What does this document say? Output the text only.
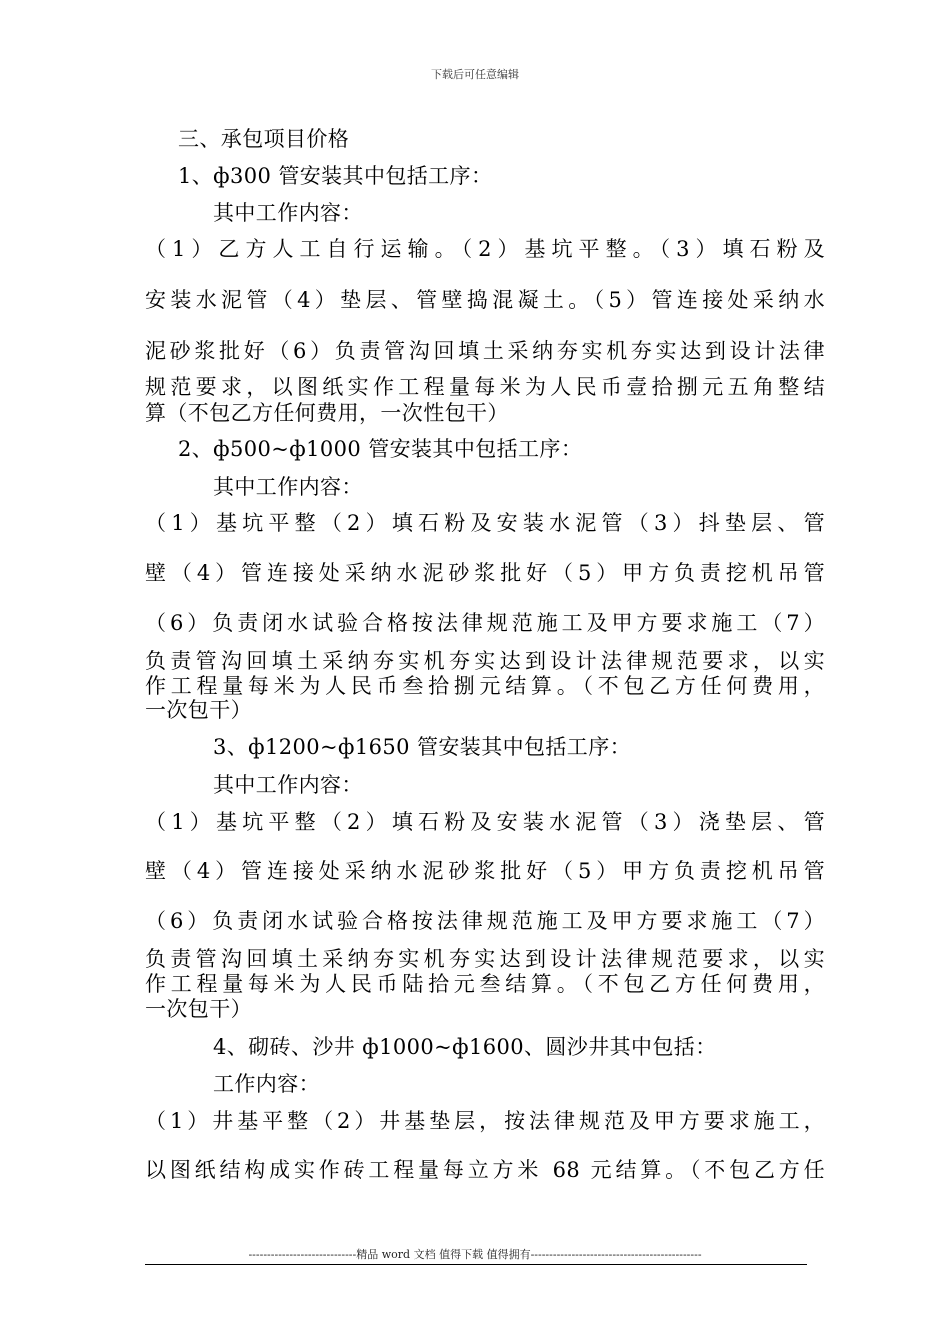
下载后可任意编辑
三、承包项目价格
1、ф300 管安装其中包括工序：
其中工作内容：
（1）乙方人工自行运输。（2）基坑平整。（3）填石粉及
安装水泥管（4）垫层、管壁捣混凝土。（5）管连接处采纳水
泥砂浆批好（6）负责管沟回填土采纳夯实机夯实达到设计法律
规范要求，以图纸实作工程量每米为人民币壹拾捌元五角整结
算（不包乙方任何费用，一次性包干）
2、ф500~ф1000 管安装其中包括工序：
其中工作内容：
（1）基坑平整（2）填石粉及安装水泥管（3）抖垫层、管
壁（4）管连接处采纳水泥砂浆批好（5）甲方负责挖机吊管
（6）负责闭水试验合格按法律规范施工及甲方要求施工（7）
负责管沟回填土采纳夯实机夯实达到设计法律规范要求，以实
作工程量每米为人民币叁拾捌元结算。（不包乙方任何费用，
一次包干）
3、ф1200~ф1650 管安装其中包括工序：
其中工作内容：
（1）基坑平整（2）填石粉及安装水泥管（3）浇垫层、管
壁（4）管连接处采纳水泥砂浆批好（5）甲方负责挖机吊管
（6）负责闭水试验合格按法律规范施工及甲方要求施工（7）
负责管沟回填土采纳夯实机夯实达到设计法律规范要求，以实
作工程量每米为人民币陆拾元叁结算。（不包乙方任何费用，
一次包干）
4、砌砖、沙井 ф1000~ф1600、圆沙井其中包括：
工作内容：
（1）井基平整（2）井基垫层，按法律规范及甲方要求施工，
以图纸结构成实作砖工程量每立方米 68 元结算。（不包乙方任
-----------------------------精品 word 文档 值得下载 值得拥有----------------------------------------------
